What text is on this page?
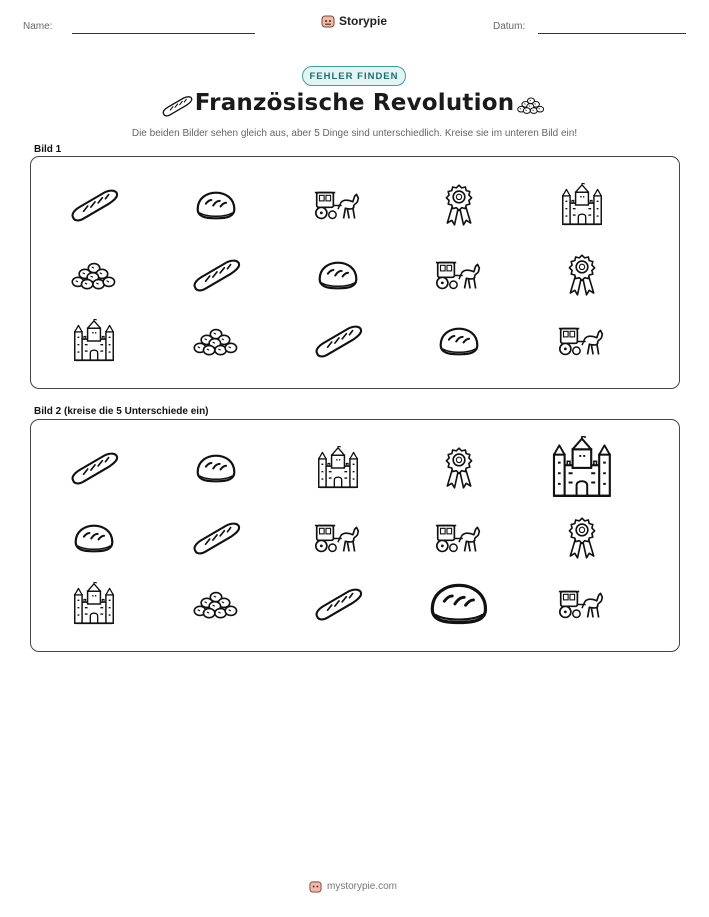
Name:	Storypie	Datum:
FEHLER FINDEN
Französische Revolution
Die beiden Bilder sehen gleich aus, aber 5 Dinge sind unterschiedlich. Kreise sie im unteren Bild ein!
Bild 1
Bild 2 (kreise die 5 Unterschiede ein)
mystorypie.com
